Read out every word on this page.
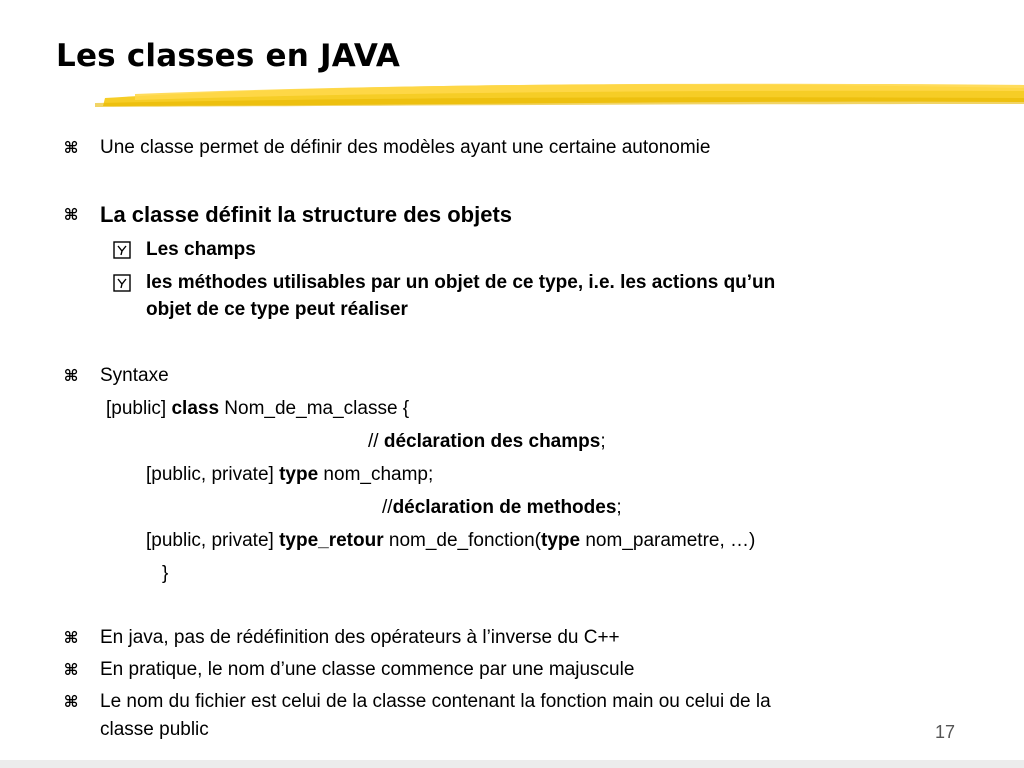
Les classes en JAVA
⌘ Une classe permet de définir des modèles ayant une certaine autonomie
⌘ La classe définit la structure des objets
Les champs
les méthodes utilisables par un objet de ce type, i.e. les actions qu’un
objet de ce type peut réaliser
⌘ Syntaxe
[public] class Nom_de_ma_classe {
// déclaration des champs;
[public, private] type nom_champ;
//déclaration de methodes;
[public, private] type_retour nom_de_fonction(type nom_parametre, …)
}
⌘ En java, pas de rédéfinition des opérateurs à l’inverse du C++
⌘ En pratique, le nom d’une classe commence par une majuscule
⌘ Le nom du fichier est celui de la classe contenant la fonction main ou celui de la
classe public	17
